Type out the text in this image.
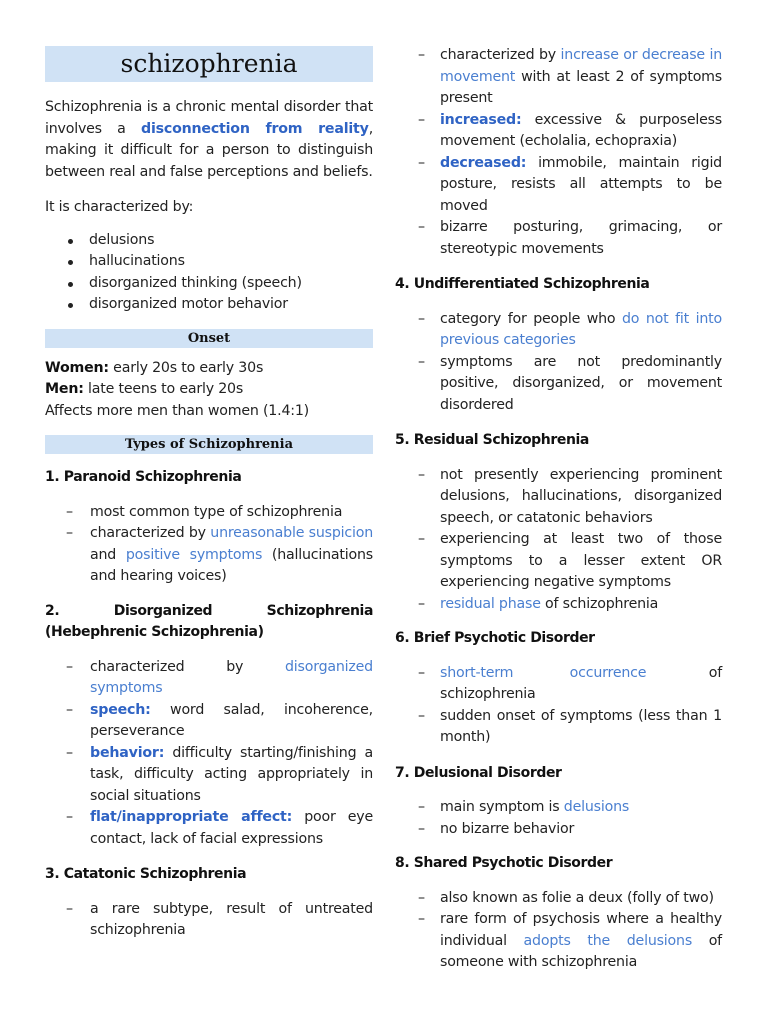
schizophrenia

Schizophrenia is a chronic mental disorder that involves a disconnection from reality, making it difficult for a person to distinguish between real and false perceptions and beliefs.

It is characterized by:

delusions
hallucinations
disorganized thinking (speech)
disorganized motor behavior
Onset

Women: early 20s to early 30s

Men: late teens to early 20s

Affects more men than women (1.4:1)

Types of Schizophrenia

1. Paranoid Schizophrenia

– most common type of schizophrenia
– characterized by unreasonable suspicion and positive symptoms (hallucinations and hearing voices)

2. Disorganized Schizophrenia (Hebephrenic Schizophrenia)

– characterized by disorganized symptoms
– speech: word salad, incoherence, perseverance
– behavior: difficulty starting/finishing a task, difficulty acting appropriately in social situations
– flat/inappropriate affect: poor eye contact, lack of facial expressions

3. Catatonic Schizophrenia

– a rare subtype, result of untreated schizophrenia
– characterized by increase or decrease in movement with at least 2 of symptoms present
– increased: excessive & purposeless movement (echolalia, echopraxia)
– decreased: immobile, maintain rigid posture, resists all attempts to be moved
– bizarre posturing, grimacing, or stereotypic movements

4. Undifferentiated Schizophrenia

– category for people who do not fit into previous categories
– symptoms are not predominantly positive, disorganized, or movement disordered

5. Residual Schizophrenia

– not presently experiencing prominent delusions, hallucinations, disorganized speech, or catatonic behaviors
– experiencing at least two of those symptoms to a lesser extent OR experiencing negative symptoms
– residual phase of schizophrenia

6. Brief Psychotic Disorder

– short-term occurrence of schizophrenia
– sudden onset of symptoms (less than 1 month)

7. Delusional Disorder

– main symptom is delusions
– no bizarre behavior

8. Shared Psychotic Disorder

– also known as folie a deux (folly of two)
– rare form of psychosis where a healthy individual adopts the delusions of someone with schizophrenia
